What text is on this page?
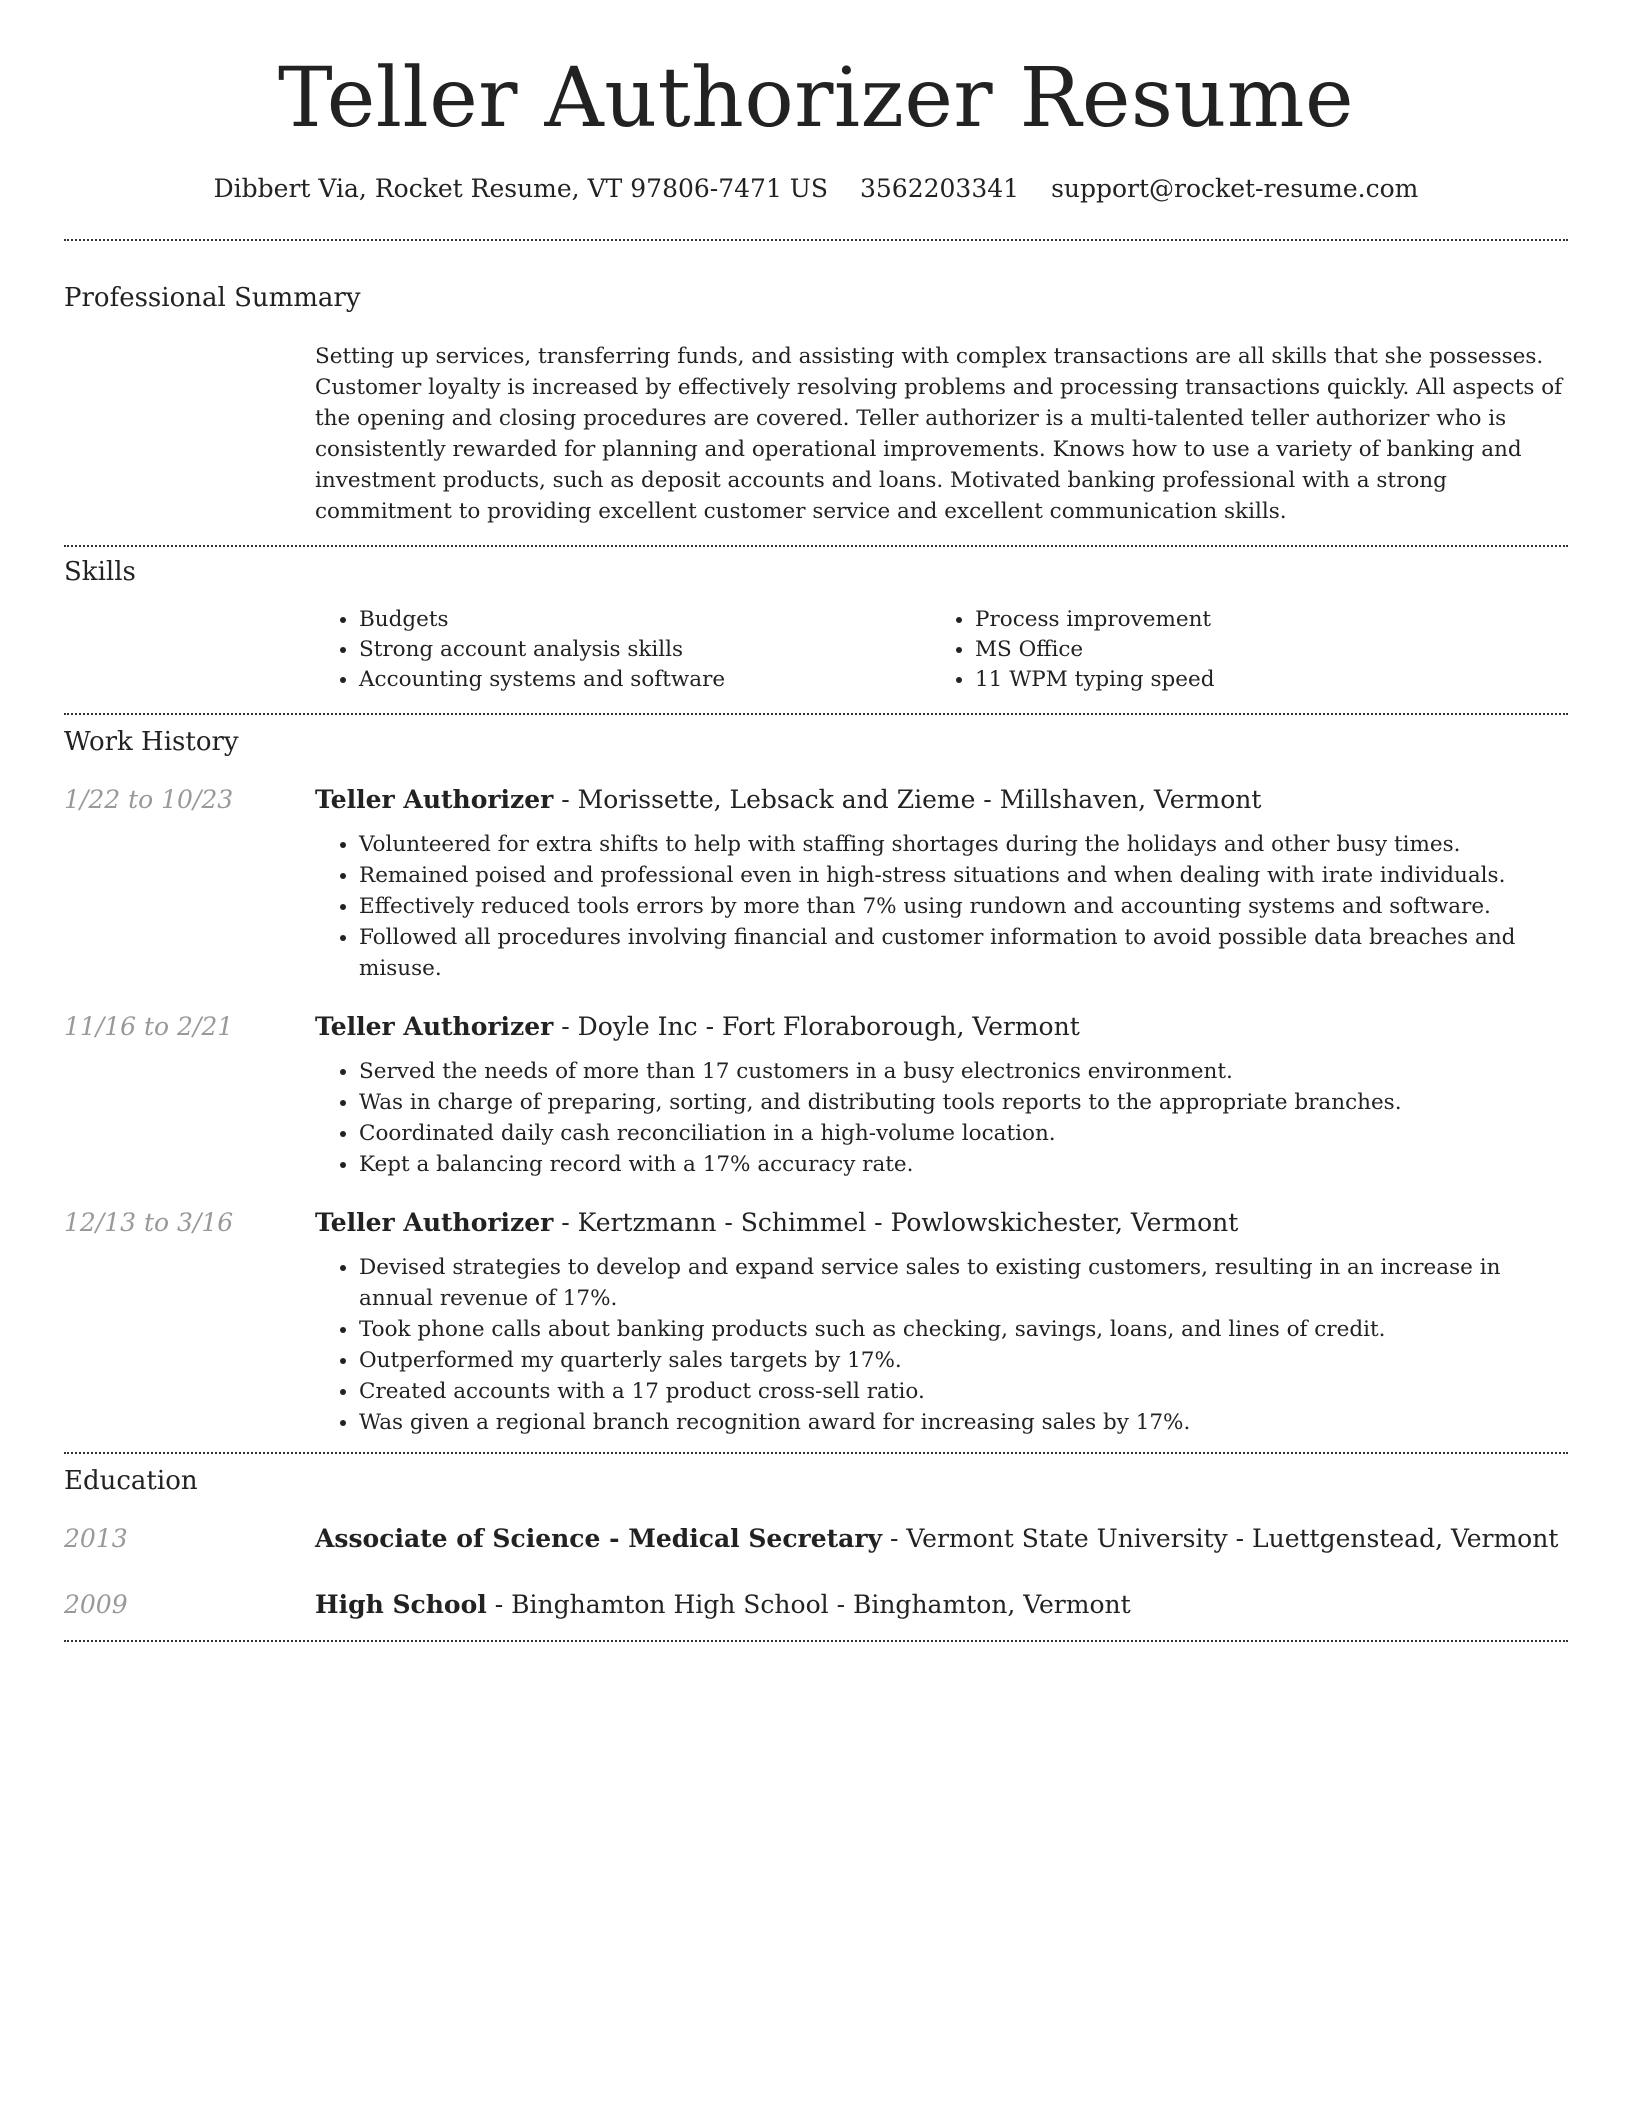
Teller Authorizer Resume
Dibbert Via, Rocket Resume, VT 97806-7471 US 3562203341 support@rocket-resume.com
Professional Summary
Setting up services, transferring funds, and assisting with complex transactions are all skills that she possesses. Customer loyalty is increased by effectively resolving problems and processing transactions quickly. All aspects of the opening and closing procedures are covered. Teller authorizer is a multi-talented teller authorizer who is consistently rewarded for planning and operational improvements. Knows how to use a variety of banking and investment products, such as deposit accounts and loans. Motivated banking professional with a strong commitment to providing excellent customer service and excellent communication skills.
Skills
• Budgets
• Strong account analysis skills
• Accounting systems and software
• Process improvement
• MS Office
• 11 WPM typing speed
Work History
1/22 to 10/23	Teller Authorizer - Morissette, Lebsack and Zieme - Millshaven, Vermont
• Volunteered for extra shifts to help with staffing shortages during the holidays and other busy times.
• Remained poised and professional even in high-stress situations and when dealing with irate individuals.
• Effectively reduced tools errors by more than 7% using rundown and accounting systems and software.
• Followed all procedures involving financial and customer information to avoid possible data breaches and misuse.
11/16 to 2/21	Teller Authorizer - Doyle Inc - Fort Floraborough, Vermont
• Served the needs of more than 17 customers in a busy electronics environment.
• Was in charge of preparing, sorting, and distributing tools reports to the appropriate branches.
• Coordinated daily cash reconciliation in a high-volume location.
• Kept a balancing record with a 17% accuracy rate.
12/13 to 3/16	Teller Authorizer - Kertzmann - Schimmel - Powlowskichester, Vermont
• Devised strategies to develop and expand service sales to existing customers, resulting in an increase in annual revenue of 17%.
• Took phone calls about banking products such as checking, savings, loans, and lines of credit.
• Outperformed my quarterly sales targets by 17%.
• Created accounts with a 17 product cross-sell ratio.
• Was given a regional branch recognition award for increasing sales by 17%.
Education
2013	Associate of Science - Medical Secretary - Vermont State University - Luettgenstead, Vermont
2009	High School - Binghamton High School - Binghamton, Vermont
